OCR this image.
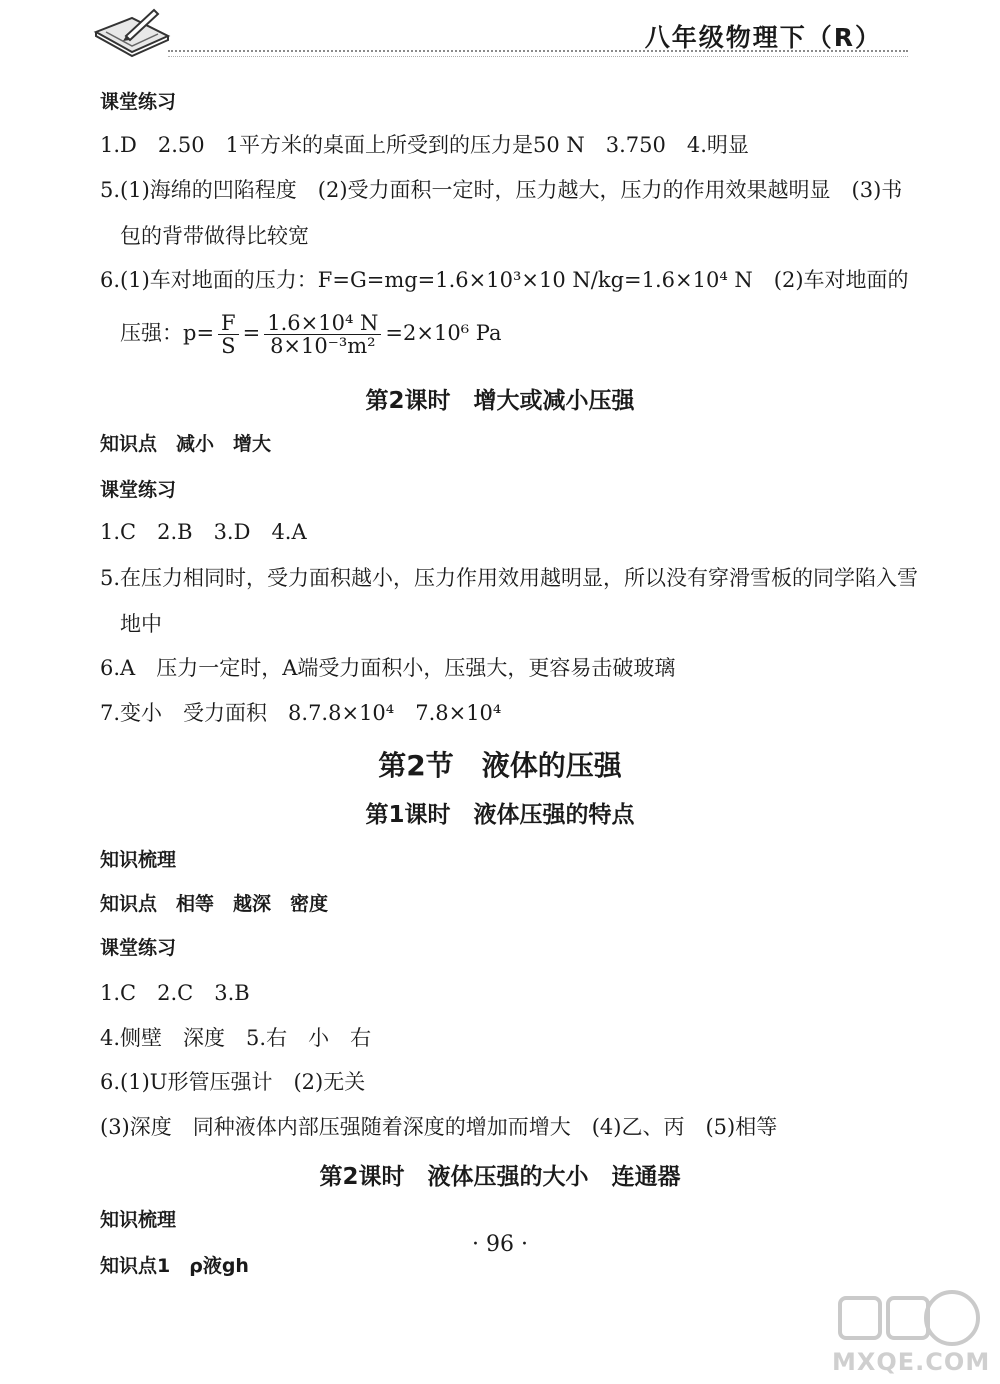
八年级物理下（R）
课堂练习
1.D　2.50　1平方米的桌面上所受到的压力是50 N　3.750　4.明显
5.(1)海绵的凹陷程度　(2)受力面积一定时，压力越大，压力的作用效果越明显　(3)书
包的背带做得比较宽
6.(1)车对地面的压力：F=G=mg=1.6×10³×10 N/kg=1.6×10⁴ N　(2)车对地面的
压强：$p= \frac{F}{S} = \frac{\text{1.6×10⁴ N}}{\text{8×10⁻³m²}} =2\times 10^6$ Pa
第2课时　增大或减小压强
知识点　减小　增大
课堂练习
1.C　2.B　3.D　4.A
5.在压力相同时，受力面积越小，压力作用效用越明显，所以没有穿滑雪板的同学陷入雪
地中
6.A　压力一定时，A端受力面积小，压强大，更容易击破玻璃
7.变小　受力面积　8.7.8×10⁴　7.8×10⁴
第2节　液体的压强
第1课时　液体压强的特点
知识梳理
知识点　相等　越深　密度
课堂练习
1.C　2.C　3.B
4.侧壁　深度　5.右　小　右
6.(1)U形管压强计　(2)无关
(3)深度　同种液体内部压强随着深度的增加而增大　(4)乙、丙　(5)相等
第2课时　液体压强的大小　连通器
知识梳理
知识点1　ρ液gh
· 96 ·
MXQE.COM
